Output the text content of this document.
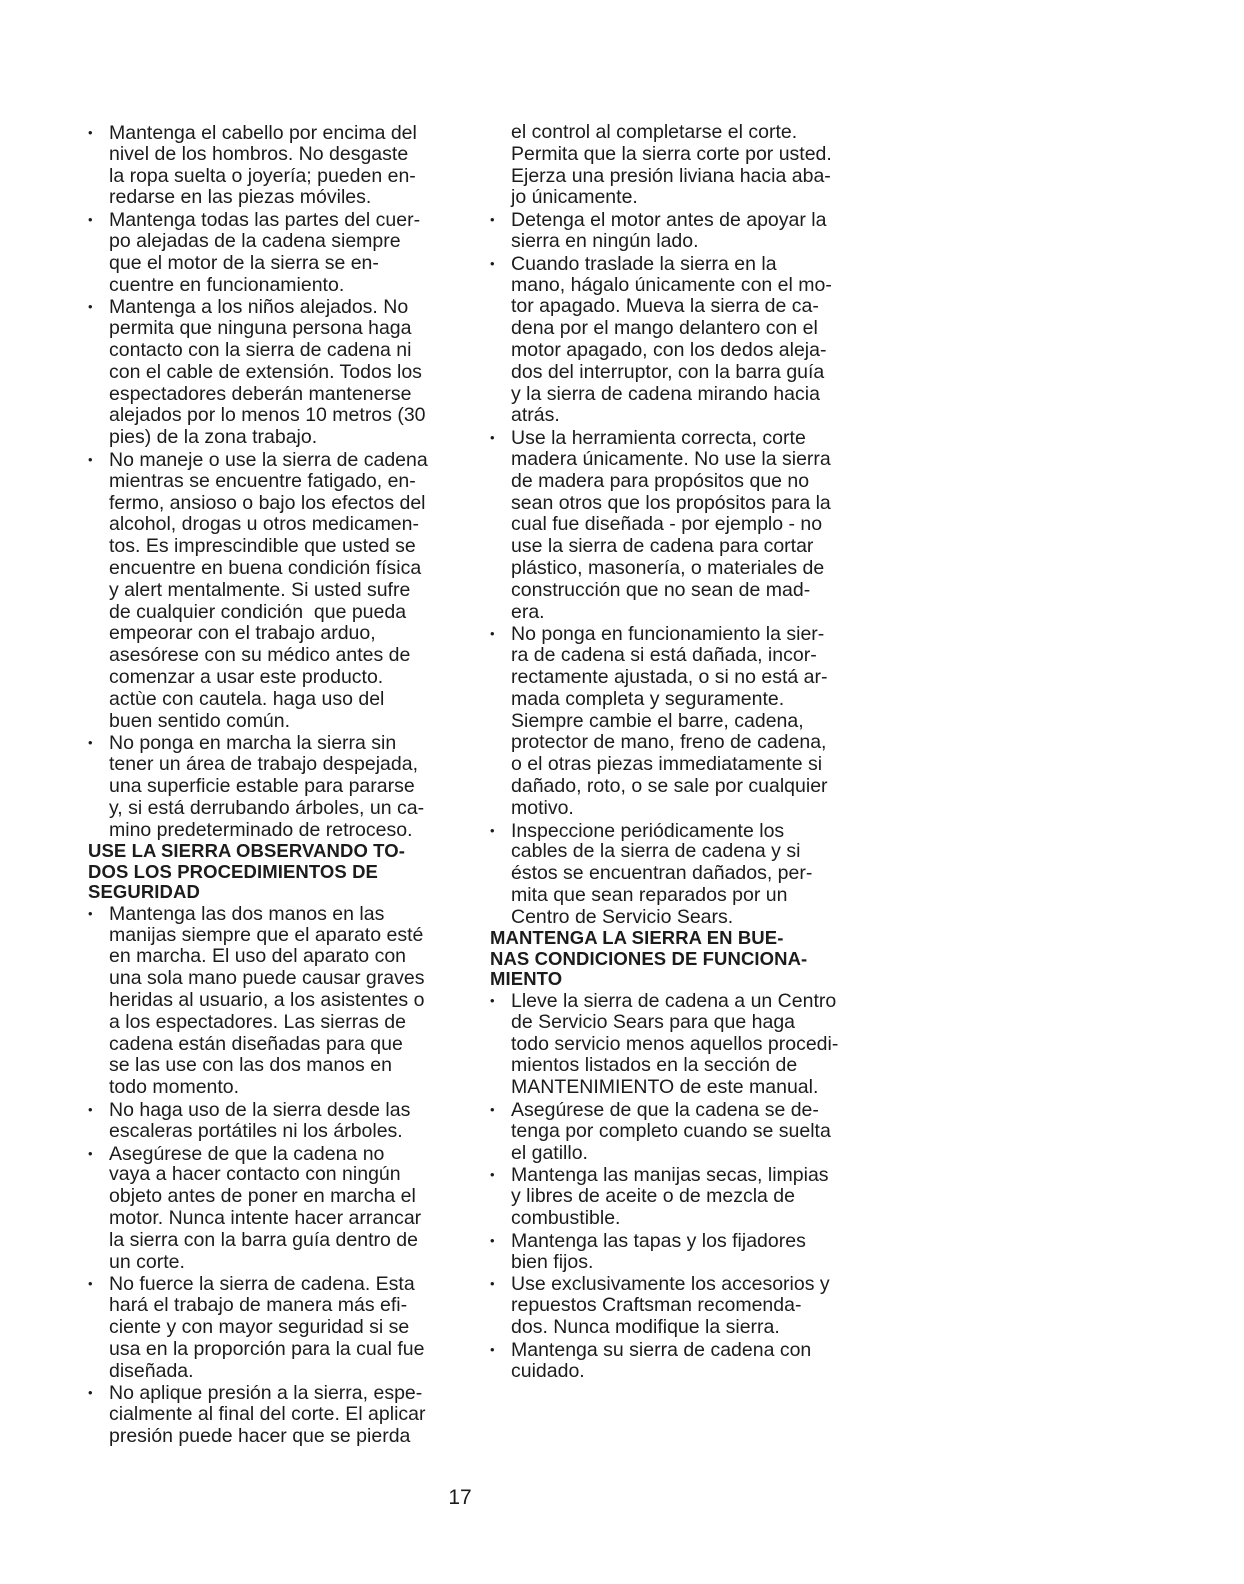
• Mantenga el cabello por encima del
nivel de los hombros. No desgaste
la ropa suelta o joyería; pueden en-
redarse en las piezas móviles.
• Mantenga todas las partes del cuer-
po alejadas de la cadena siempre
que el motor de la sierra se en-
cuentre en funcionamiento.
• Mantenga a los niños alejados. No
permita que ninguna persona haga
contacto con la sierra de cadena ni
con el cable de extensión. Todos los
espectadores deberán mantenerse
alejados por lo menos 10 metros (30
pies) de la zona trabajo.
• No maneje o use la sierra de cadena
mientras se encuentre fatigado, en-
fermo, ansioso o bajo los efectos del
alcohol, drogas u otros medicamen-
tos. Es imprescindible que usted se
encuentre en buena condición física
y alert mentalmente. Si usted sufre
de cualquier condición  que pueda
empeorar con el trabajo arduo,
asesórese con su médico antes de
comenzar a usar este producto.
actùe con cautela. haga uso del
buen sentido común.
• No ponga en marcha la sierra sin
tener un área de trabajo despejada,
una superficie estable para pararse
y, si está derrubando árboles, un ca-
mino predeterminado de retroceso.
USE LA SIERRA OBSERVANDO TO-
DOS LOS PROCEDIMIENTOS DE
SEGURIDAD
• Mantenga las dos manos en las
manijas siempre que el aparato esté
en marcha. El uso del aparato con
una sola mano puede causar graves
heridas al usuario, a los asistentes o
a los espectadores. Las sierras de
cadena están diseñadas para que
se las use con las dos manos en
todo momento.
• No haga uso de la sierra desde las
escaleras portátiles ni los árboles.
• Asegúrese de que la cadena no
vaya a hacer contacto con ningún
objeto antes de poner en marcha el
motor. Nunca intente hacer arrancar
la sierra con la barra guía dentro de
un corte.
• No fuerce la sierra de cadena. Esta
hará el trabajo de manera más efi-
ciente y con mayor seguridad si se
usa en la proporción para la cual fue
diseñada.
• No aplique presión a la sierra, espe-
cialmente al final del corte. El aplicar
presión puede hacer que se pierda
el control al completarse el corte.
Permita que la sierra corte por usted.
Ejerza una presión liviana hacia aba-
jo únicamente.
• Detenga el motor antes de apoyar la
sierra en ningún lado.
• Cuando traslade la sierra en la
mano, hágalo únicamente con el mo-
tor apagado. Mueva la sierra de ca-
dena por el mango delantero con el
motor apagado, con los dedos aleja-
dos del interruptor, con la barra guía
y la sierra de cadena mirando hacia
atrás.
• Use la herramienta correcta, corte
madera únicamente. No use la sierra
de madera para propósitos que no
sean otros que los propósitos para la
cual fue diseñada - por ejemplo - no
use la sierra de cadena para cortar
plástico, masonería, o materiales de
construcción que no sean de mad-
era.
• No ponga en funcionamiento la sier-
ra de cadena si está dañada, incor-
rectamente ajustada, o si no está ar-
mada completa y seguramente.
Siempre cambie el barre, cadena,
protector de mano, freno de cadena,
o el otras piezas immediatamente si
dañado, roto, o se sale por cualquier
motivo.
• Inspeccione periódicamente los
cables de la sierra de cadena y si
éstos se encuentran dañados, per-
mita que sean reparados por un
Centro de Servicio Sears.
MANTENGA LA SIERRA EN BUE-
NAS CONDICIONES DE FUNCIONA-
MIENTO
• Lleve la sierra de cadena a un Centro
de Servicio Sears para que haga
todo servicio menos aquellos procedi-
mientos listados en la sección de
MANTENIMIENTO de este manual.
• Asegúrese de que la cadena se de-
tenga por completo cuando se suelta
el gatillo.
• Mantenga las manijas secas, limpias
y libres de aceite o de mezcla de
combustible.
• Mantenga las tapas y los fijadores
bien fijos.
• Use exclusivamente los accesorios y
repuestos Craftsman recomenda-
dos. Nunca modifique la sierra.
• Mantenga su sierra de cadena con
cuidado.
17
